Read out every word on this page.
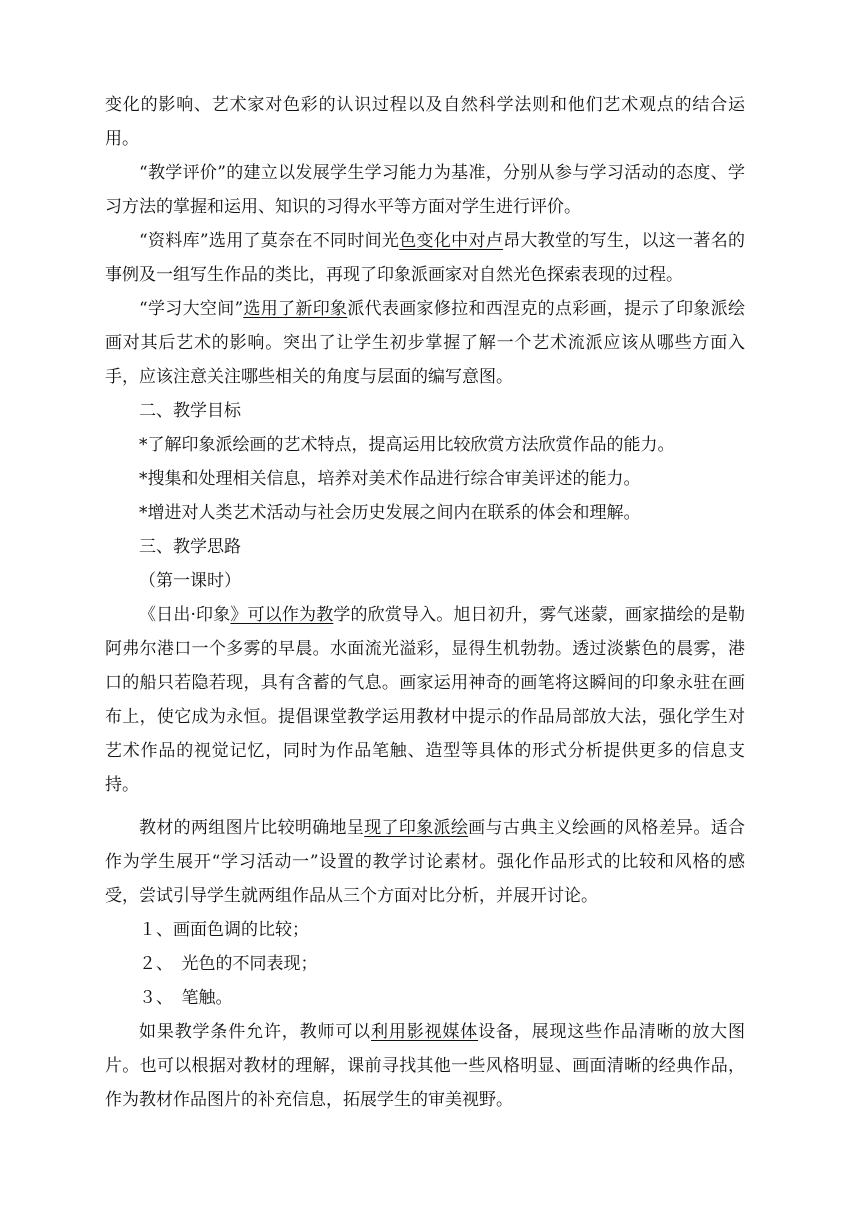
变化的影响、艺术家对色彩的认识过程以及自然科学法则和他们艺术观点的结合运用。

“教学评价”的建立以发展学生学习能力为基准，分别从参与学习活动的态度、学习方法的掌握和运用、知识的习得水平等方面对学生进行评价。

“资料库”选用了莫奈在不同时间光色变化中对卢昂大教堂的写生，以这一著名的事例及一组写生作品的类比，再现了印象派画家对自然光色探索表现的过程。

“学习大空间”选用了新印象派代表画家修拉和西涅克的点彩画，提示了印象派绘画对其后艺术的影响。突出了让学生初步掌握了解一个艺术流派应该从哪些方面入手，应该注意关注哪些相关的角度与层面的编写意图。

二、教学目标

*了解印象派绘画的艺术特点，提高运用比较欣赏方法欣赏作品的能力。

*搜集和处理相关信息，培养对美术作品进行综合审美评述的能力。

*增进对人类艺术活动与社会历史发展之间内在联系的体会和理解。

三、教学思路

（第一课时）

《日出·印象》可以作为教学的欣赏导入。旭日初升，雾气迷蒙，画家描绘的是勒阿弗尔港口一个多雾的早晨。水面流光溢彩，显得生机勃勃。透过淡紫色的晨雾，港口的船只若隐若现，具有含蓄的气息。画家运用神奇的画笔将这瞬间的印象永驻在画布上，使它成为永恒。提倡课堂教学运用教材中提示的作品局部放大法，强化学生对艺术作品的视觉记忆，同时为作品笔触、造型等具体的形式分析提供更多的信息支持。

教材的两组图片比较明确地呈现了印象派绘画与古典主义绘画的风格差异。适合作为学生展开“学习活动一”设置的教学讨论素材。强化作品形式的比较和风格的感受，尝试引导学生就两组作品从三个方面对比分析，并展开讨论。

１、画面色调的比较；

２、　光色的不同表现；

３、　笔触。

如果教学条件允许，教师可以利用影视媒体设备，展现这些作品清晰的放大图片。也可以根据对教材的理解，课前寻找其他一些风格明显、画面清晰的经典作品，作为教材作品图片的补充信息，拓展学生的审美视野。
